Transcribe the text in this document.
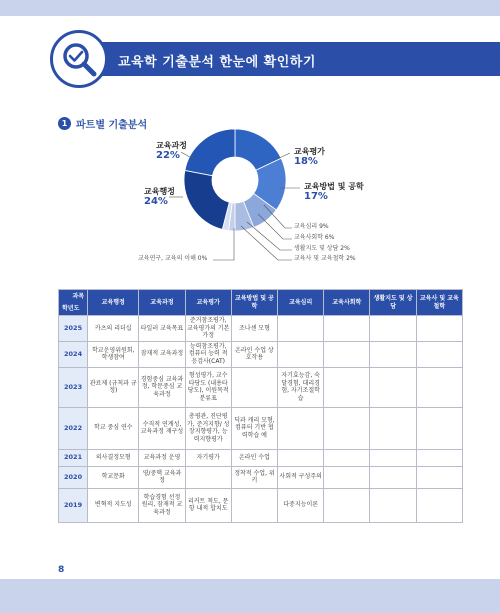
교육학 기출분석 한눈에 확인하기
1 파트별 기출분석
교육과정
22%
교육행정
24%
교육평가
18%
교육방법 및 공학
17%
교육심리 9%
교육사회학 6%
생활지도 및 상담 2%
교육사 및 교육철학 2%
교육연구, 교육의 이해 0%
과목
학년도	교육행정	교육과정	교육평가	교육방법 및 공학	교육심리	교육사회학	생활지도 및 상담	교육사 및 교육철학
2025	카츠의 리더십	타일러 교육목표	준거참조평가, 교육평가의 기본 가정	조나센 모형				
2024	학교운영위원회, 학생참여	잠재적 교육과정	능력참조평가, 컴퓨터 능력 적응검사(CAT)	온라인 수업 상호작용				
2023	관료제 (규칙과 규정)	경험중심 교육과정, 학문중심 교육과정	형성평가, 교수타당도 (내용타당도), 이원목적분류표		자기효능감, 숙달경험, 대리경험, 자기조절학습			
2022	학교 중심 연수	수직적 연계성, 교육과정 재구성	총평관, 진단평가, 준거지향/ 성장지향평가, 능력지향평가	딕과 캐리 모형, 컴퓨터 기반 협력학습 예				
2021	의사결정모형	교육과정 운영	자기평가	온라인 수업				
2020	학교문화	영/중핵 교육과정		정착적 수업, 위키	사회적 구성주의			
2019	변혁적 지도성	학습경험 선정 원리, 잠재적 교육과정	리커트 척도, 문항 내적 합치도		다중지능이론			
8
